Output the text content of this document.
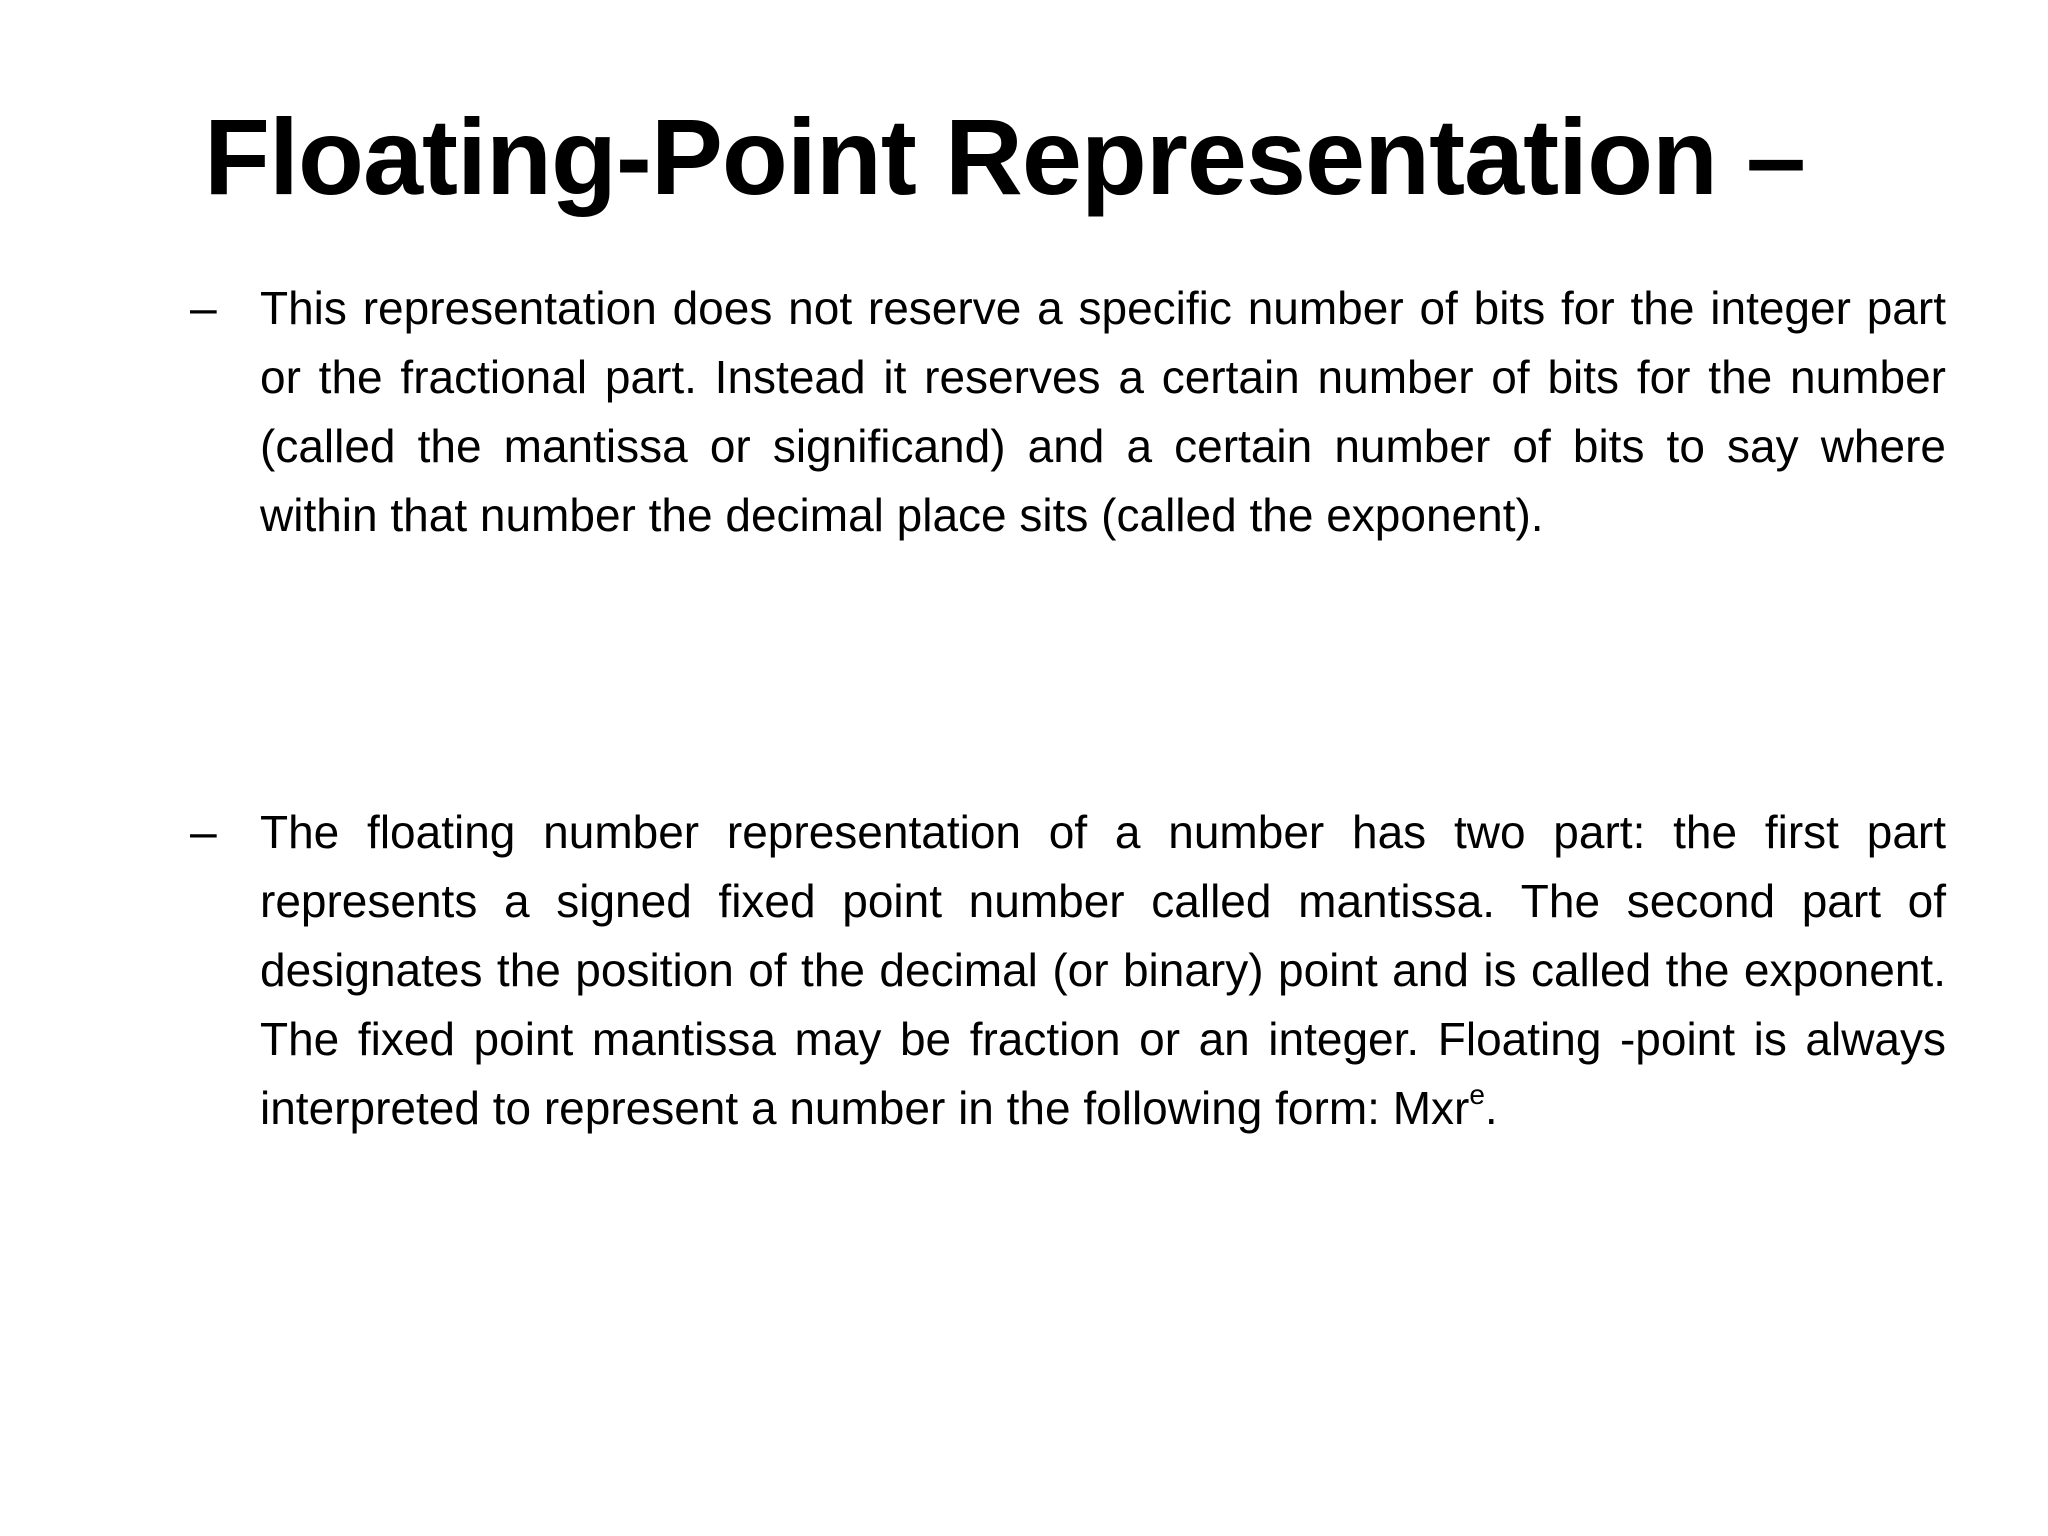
Floating-Point Representation –
– This representation does not reserve a specific number of bits for the integer part or the fractional part. Instead it reserves a certain number of bits for the number (called the mantissa or significand) and a certain number of bits to say where within that number the decimal place sits (called the exponent).

– The floating number representation of a number has two part: the first part represents a signed fixed point number called mantissa. The second part of designates the position of the decimal (or binary) point and is called the exponent. The fixed point mantissa may be fraction or an integer. Floating -point is always interpreted to represent a number in the following form: Mxr$^e$.
